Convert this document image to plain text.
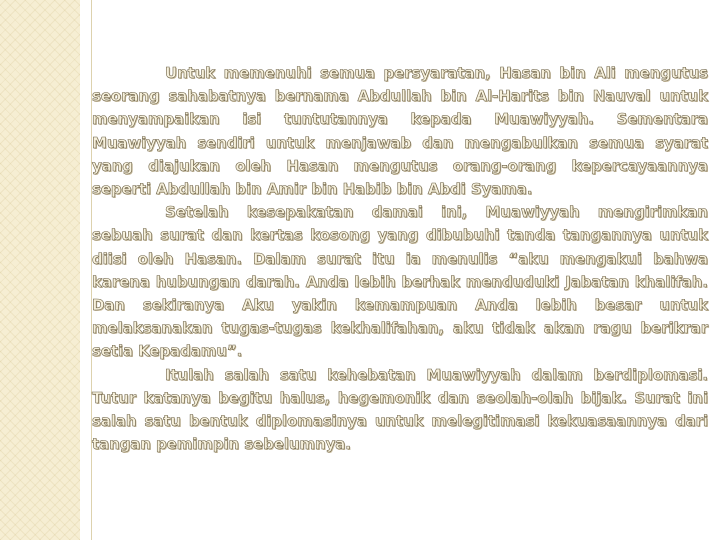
Untuk memenuhi semua persyaratan, Hasan bin Ali mengutus seorang sahabatnya bernama Abdullah bin Al-Harits bin Nauval untuk menyampaikan isi tuntutannya kepada Muawiyyah. Sementara Muawiyyah sendiri untuk menjawab dan mengabulkan semua syarat yang diajukan oleh Hasan mengutus orang-orang kepercayaannya seperti Abdullah bin Amir bin Habib bin Abdi Syama.

Setelah kesepakatan damai ini, Muawiyyah mengirimkan sebuah surat dan kertas kosong yang dibubuhi tanda tangannya untuk diisi oleh Hasan. Dalam surat itu ia menulis “aku mengakui bahwa karena hubungan darah. Anda lebih berhak menduduki Jabatan khalifah. Dan sekiranya Aku yakin kemampuan Anda lebih besar untuk melaksanakan tugas-tugas kekhalifahan, aku tidak akan ragu berikrar setia Kepadamu”.

Itulah salah satu kehebatan Muawiyyah dalam berdiplomasi. Tutur katanya begitu halus, hegemonik dan seolah-olah bijak. Surat ini salah satu bentuk diplomasinya untuk melegitimasi kekuasaannya dari tangan pemimpin sebelumnya.
